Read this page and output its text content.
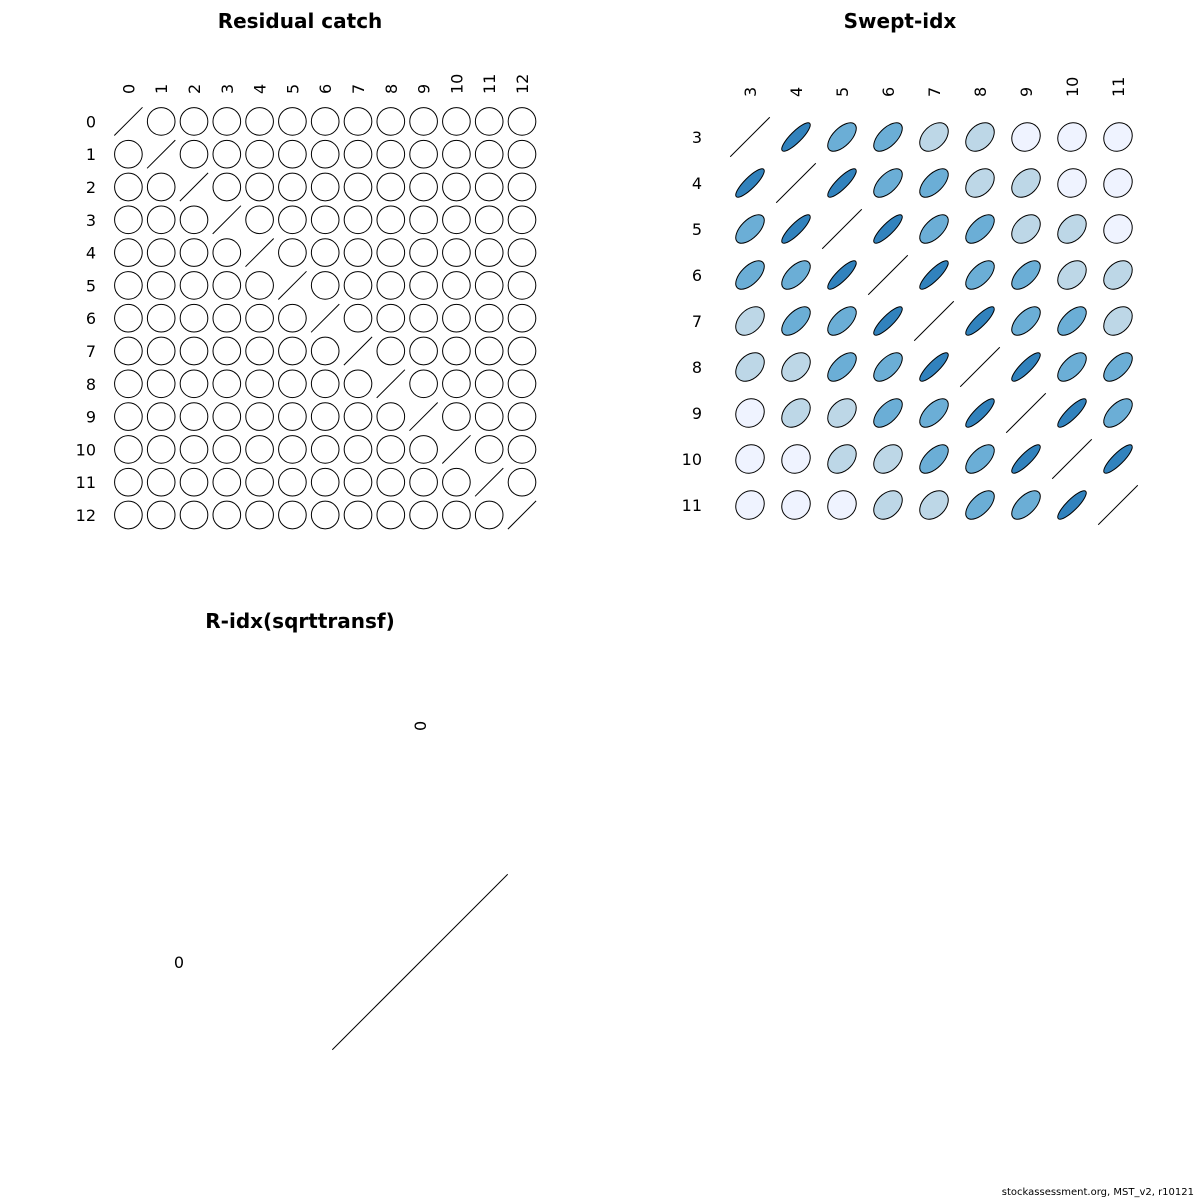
Residual catch
0 1 2 3 4 5 6 7 8 9 10 11 12
0
1
2
3
4
5
6
7
8
9
10
11
12
Swept-idx
3 4 5 6 7 8 9 10 11
3
4
5
6
7
8
9
10
11
R-idx(sqrttransf)
0
0
stockassessment.org, MST_v2, r10121
